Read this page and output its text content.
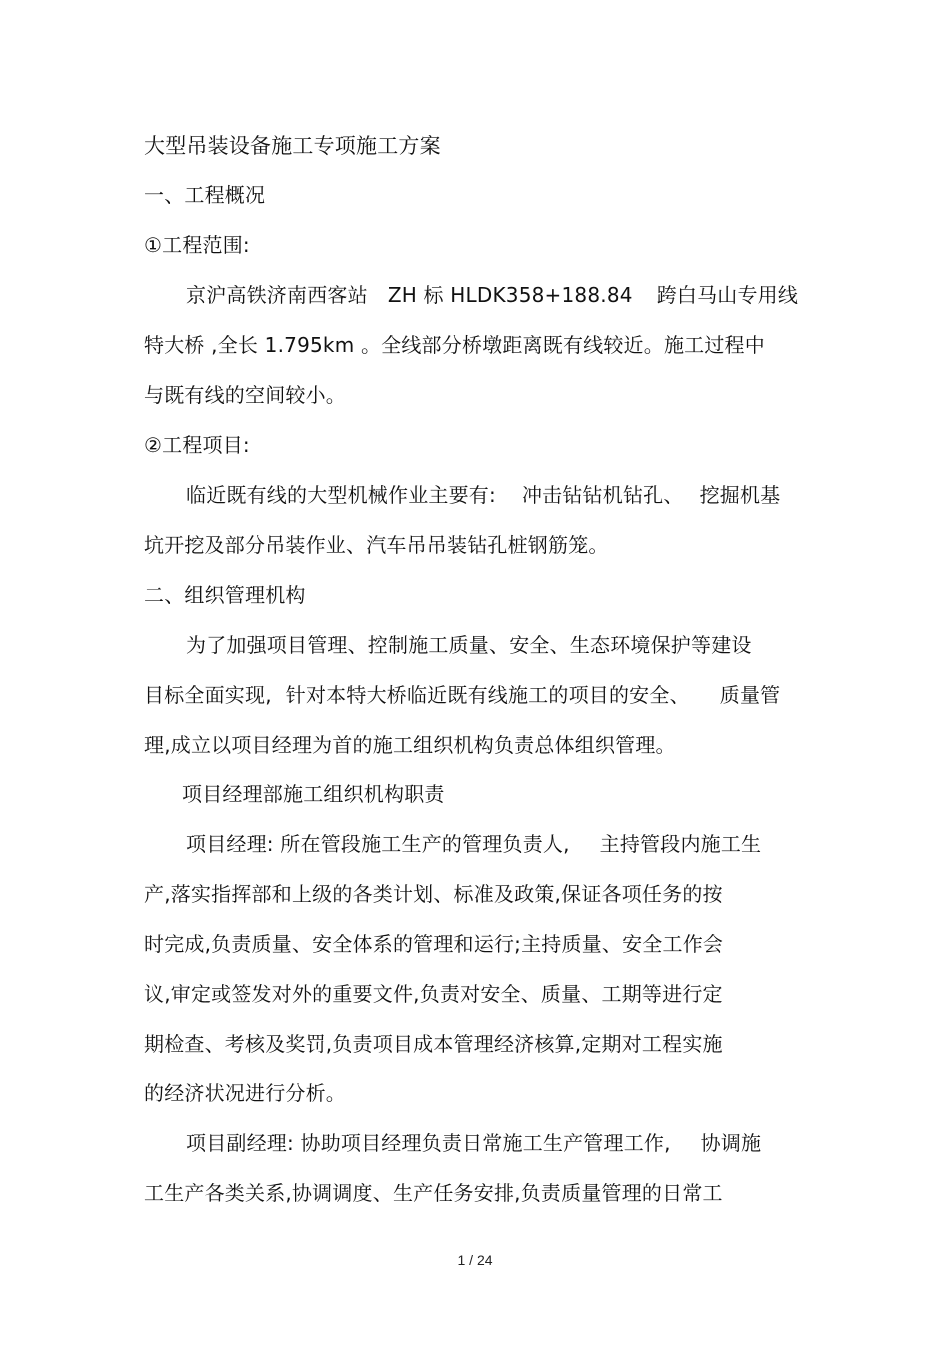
大型吊装设备施工专项施工方案
一、工程概况
①工程范围:
京沪高铁济南西客站 ZH 标 HLDK358+188.84 跨白马山专用线
特大桥 ,全长 1.795km 。全线部分桥墩距离既有线较近。施工过程中
与既有线的空间较小。
②工程项目:
临近既有线的大型机械作业主要有: 冲击钻钻机钻孔、 挖掘机基
坑开挖及部分吊装作业、汽车吊吊装钻孔桩钢筋笼。
二、组织管理机构
为了加强项目管理、控制施工质量、安全、生态环境保护等建设
目标全面实现, 针对本特大桥临近既有线施工的项目的安全、 质量管
理,成立以项目经理为首的施工组织机构负责总体组织管理。
项目经理部施工组织机构职责
项目经理: 所在管段施工生产的管理负责人, 主持管段内施工生
产,落实指挥部和上级的各类计划、标准及政策,保证各项任务的按
时完成,负责质量、安全体系的管理和运行;主持质量、安全工作会
议,审定或签发对外的重要文件,负责对安全、质量、工期等进行定
期检查、考核及奖罚,负责项目成本管理经济核算,定期对工程实施
的经济状况进行分析。
项目副经理: 协助项目经理负责日常施工生产管理工作, 协调施
工生产各类关系,协调调度、生产任务安排,负责质量管理的日常工
1 / 24
